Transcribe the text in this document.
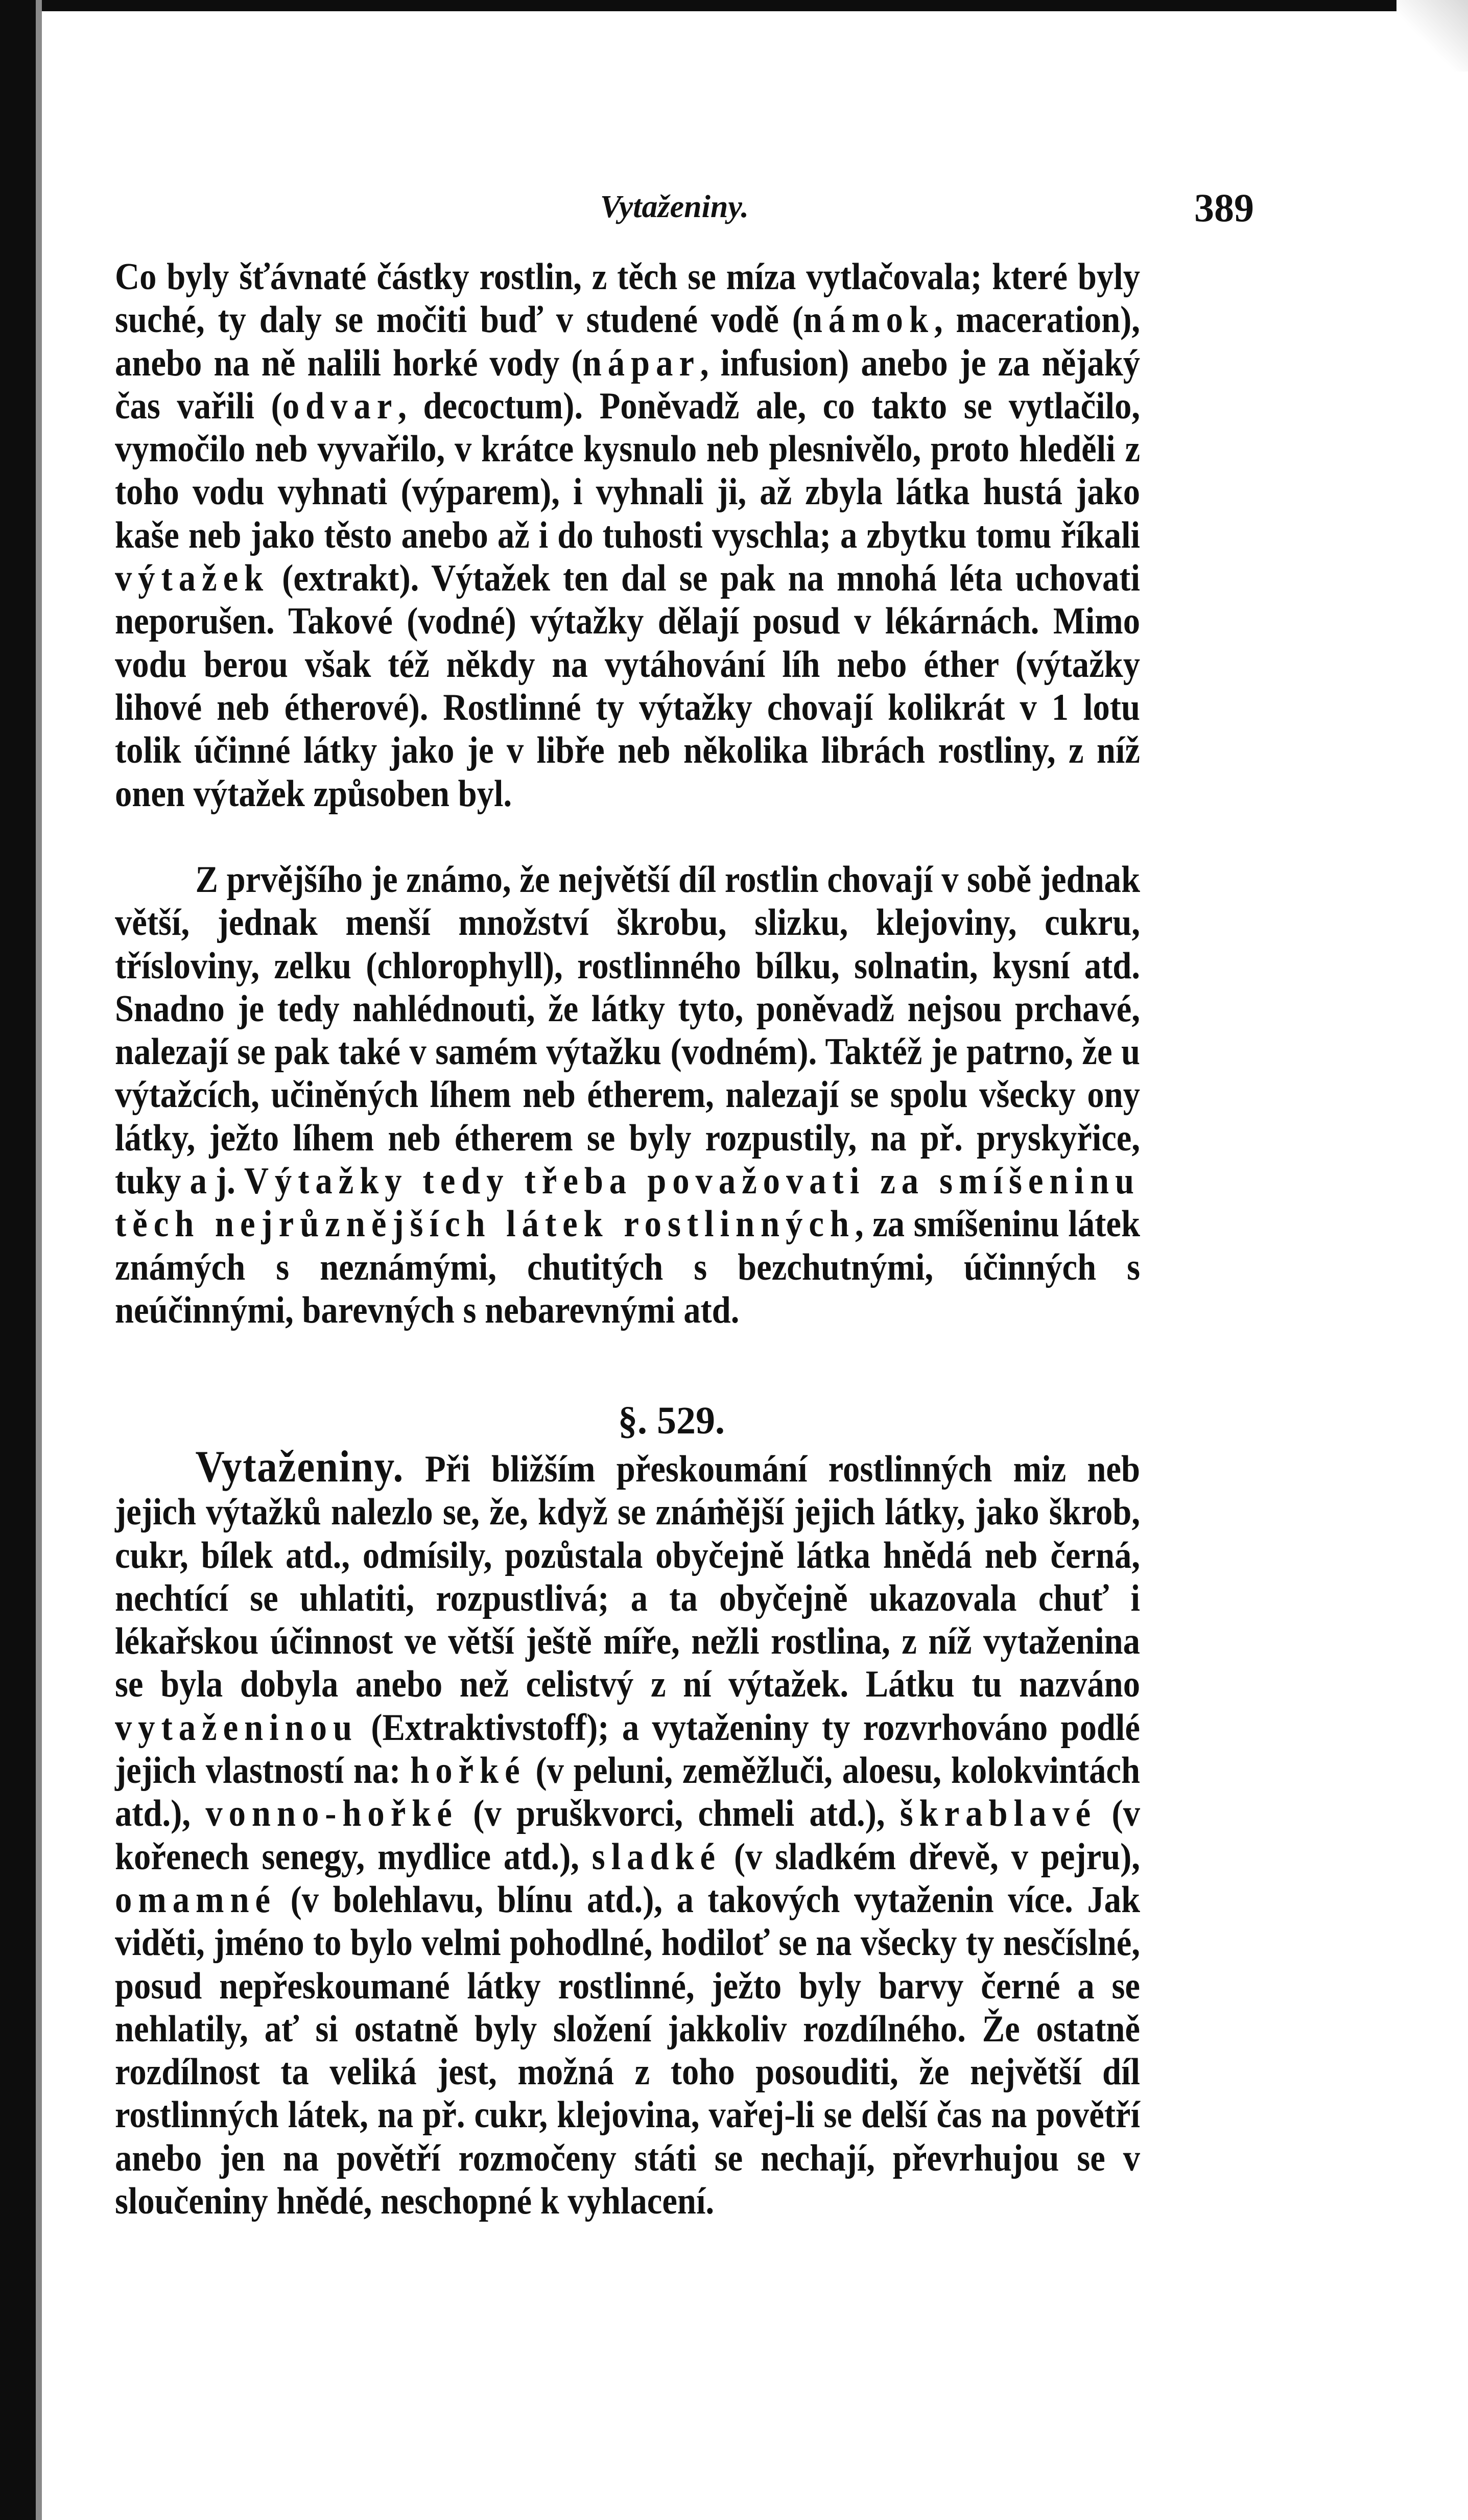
Vytaženiny.	389
Co byly šťávnaté částky rostlin, z těch se míza vytlačovala; které byly suché, ty daly se močiti buď v studené vodě (námok, maceration), anebo na ně nalili horké vody (nápar, infusion) anebo je za nějaký čas vařili (odvar, decoctum). Poněvadž ale, co takto se vytlačilo, vymočilo neb vyvařilo, v krátce kysnulo neb plesnivělo, proto hleděli z toho vodu vyhnati (výparem), i vyhnali ji, až zbyla látka hustá jako kaše neb jako těsto anebo až i do tuhosti vyschla; a zbytku tomu říkali výtažek (extrakt). Výtažek ten dal se pak na mnohá léta uchovati neporušen. Takové (vodné) výtažky dělají posud v lékárnách. Mimo vodu berou však též někdy na vytáhování líh nebo éther (výtažky lihové neb étherové). Rostlinné ty výtažky chovají kolikrát v 1 lotu tolik účinné látky jako je v libře neb několika librách rostliny, z níž onen výtažek způsoben byl.
Z prvějšího je známo, že největší díl rostlin chovají v sobě jednak větší, jednak menší množství škrobu, slizku, klejoviny, cukru, třísloviny, zelku (chlorophyll), rostlinného bílku, solnatin, kysní atd. Snadno je tedy nahlédnouti, že látky tyto, poněvadž nejsou prchavé, nalezají se pak také v samém výtažku (vodném). Taktéž je patrno, že u výtažcích, učiněných líhem neb étherem, nalezají se spolu všecky ony látky, ježto líhem neb étherem se byly rozpustily, na př. pryskyřice, tuky a j. Výtažky tedy třeba považovati za smíšeninu těch nejrůznějších látek rostlinných, za smíšeninu látek známých s neznámými, chutitých s bezchutnými, účinných s neúčinnými, barevných s nebarevnými atd.
§. 529.
Vytaženiny. Při bližším přeskoumání rostlinných miz neb jejich výtažků nalezlo se, že, když se znáṁější jejich látky, jako škrob, cukr, bílek atd., odmísily, pozůstala obyčejně látka hnědá neb černá, nechtící se uhlatiti, rozpustlivá; a ta obyčejně ukazovala chuť i lékařskou účinnost ve větší ještě míře, nežli rostlina, z níž vytaženina se byla dobyla anebo než celistvý z ní výtažek. Látku tu nazváno vytaženinou (Extraktivstoff); a vytaženiny ty rozvrhováno podlé jejich vlastností na: hořké (v peluni, zeměžluči, aloesu, kolokvintách atd.), vonno-hořké (v pruškvorci, chmeli atd.), škrablavé (v kořenech senegy, mydlice atd.), sladké (v sladkém dřevě, v pejru), omamné (v bolehlavu, blínu atd.), a takových vytaženin více. Jak viděti, jméno to bylo velmi pohodlné, hodiloť se na všecky ty nesčíslné, posud nepřeskoumané látky rostlinné, ježto byly barvy černé a se nehlatily, ať si ostatně byly složení jakkoliv rozdílného. Že ostatně rozdílnost ta veliká jest, možná z toho posouditi, že největší díl rostlinných látek, na př. cukr, klejovina, vařej-li se delší čas na povětří anebo jen na povětří rozmočeny státi se nechají, převrhujou se v sloučeniny hnědé, neschopné k vyhlacení.
